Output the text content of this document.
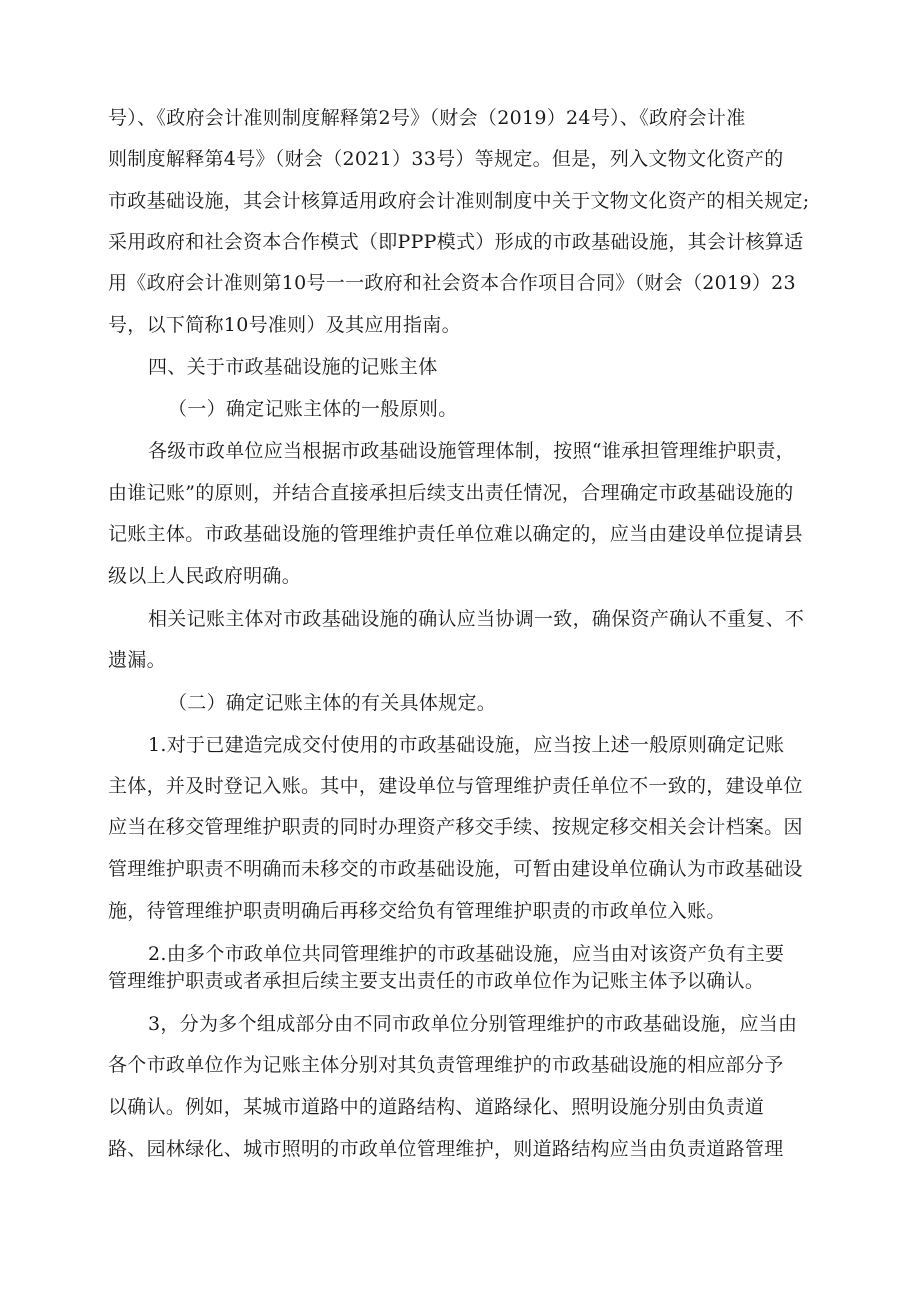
号）、《政府会计准则制度解释第2号》（财会（2019）24号）、《政府会计准
则制度解释第4号》（财会（2021）33号）等规定。但是，列入文物文化资产的
市政基础设施，其会计核算适用政府会计准则制度中关于文物文化资产的相关规定;
采用政府和社会资本合作模式（即PPP模式）形成的市政基础设施，其会计核算适
用《政府会计准则第10号一一政府和社会资本合作项目合同》（财会（2019）23
号，以下简称10号准则）及其应用指南。
四、关于市政基础设施的记账主体
（一）确定记账主体的一般原则。
各级市政单位应当根据市政基础设施管理体制，按照“谁承担管理维护职责，
由谁记账”的原则，并结合直接承担后续支出责任情况，合理确定市政基础设施的
记账主体。市政基础设施的管理维护责任单位难以确定的，应当由建设单位提请县
级以上人民政府明确。
相关记账主体对市政基础设施的确认应当协调一致，确保资产确认不重复、不
遗漏。
（二）确定记账主体的有关具体规定。
1.对于已建造完成交付使用的市政基础设施，应当按上述一般原则确定记账
主体，并及时登记入账。其中，建设单位与管理维护责任单位不一致的，建设单位
应当在移交管理维护职责的同时办理资产移交手续、按规定移交相关会计档案。因
管理维护职责不明确而未移交的市政基础设施，可暂由建设单位确认为市政基础设
施，待管理维护职责明确后再移交给负有管理维护职责的市政单位入账。
2.由多个市政单位共同管理维护的市政基础设施，应当由对该资产负有主要
管理维护职责或者承担后续主要支出责任的市政单位作为记账主体予以确认。
3，分为多个组成部分由不同市政单位分别管理维护的市政基础设施，应当由
各个市政单位作为记账主体分别对其负责管理维护的市政基础设施的相应部分予
以确认。例如，某城市道路中的道路结构、道路绿化、照明设施分别由负责道
路、园林绿化、城市照明的市政单位管理维护，则道路结构应当由负责道路管理
